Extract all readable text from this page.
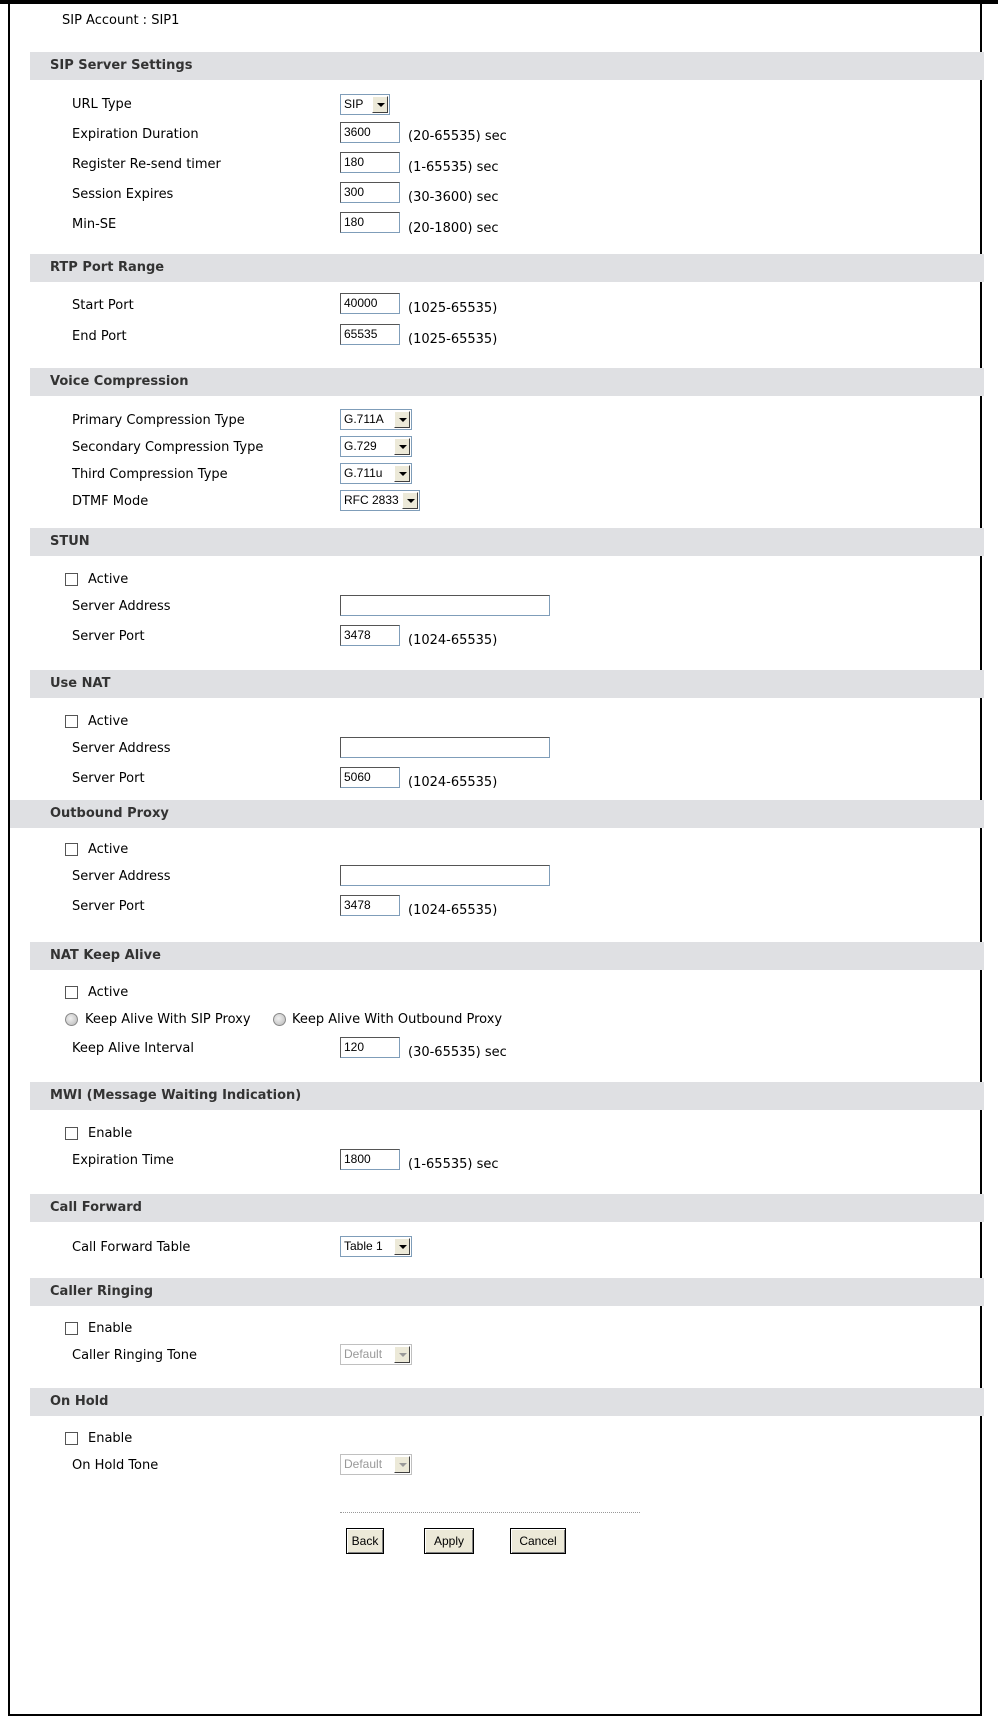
SIP Account : SIP1
SIP Server Settings
URL Type	SIP
Expiration Duration	3600	(20-65535) sec
Register Re-send timer	180	(1-65535) sec
Session Expires	300	(30-3600) sec
Min-SE	180	(20-1800) sec
RTP Port Range
Start Port	40000	(1025-65535)
End Port	65535	(1025-65535)
Voice Compression
Primary Compression Type	G.711A
Secondary Compression Type	G.729
Third Compression Type	G.711u
DTMF Mode	RFC 2833
STUN
Active
Server Address
Server Port	3478	(1024-65535)
Use NAT
Active
Server Address
Server Port	5060	(1024-65535)
Outbound Proxy
Active
Server Address
Server Port	3478	(1024-65535)
NAT Keep Alive
Active
Keep Alive With SIP Proxy	Keep Alive With Outbound Proxy
Keep Alive Interval	120	(30-65535) sec
MWI (Message Waiting Indication)
Enable
Expiration Time	1800	(1-65535) sec
Call Forward
Call Forward Table	Table 1
Caller Ringing
Enable
Caller Ringing Tone	Default
On Hold
Enable
On Hold Tone	Default
Back	Apply	Cancel
